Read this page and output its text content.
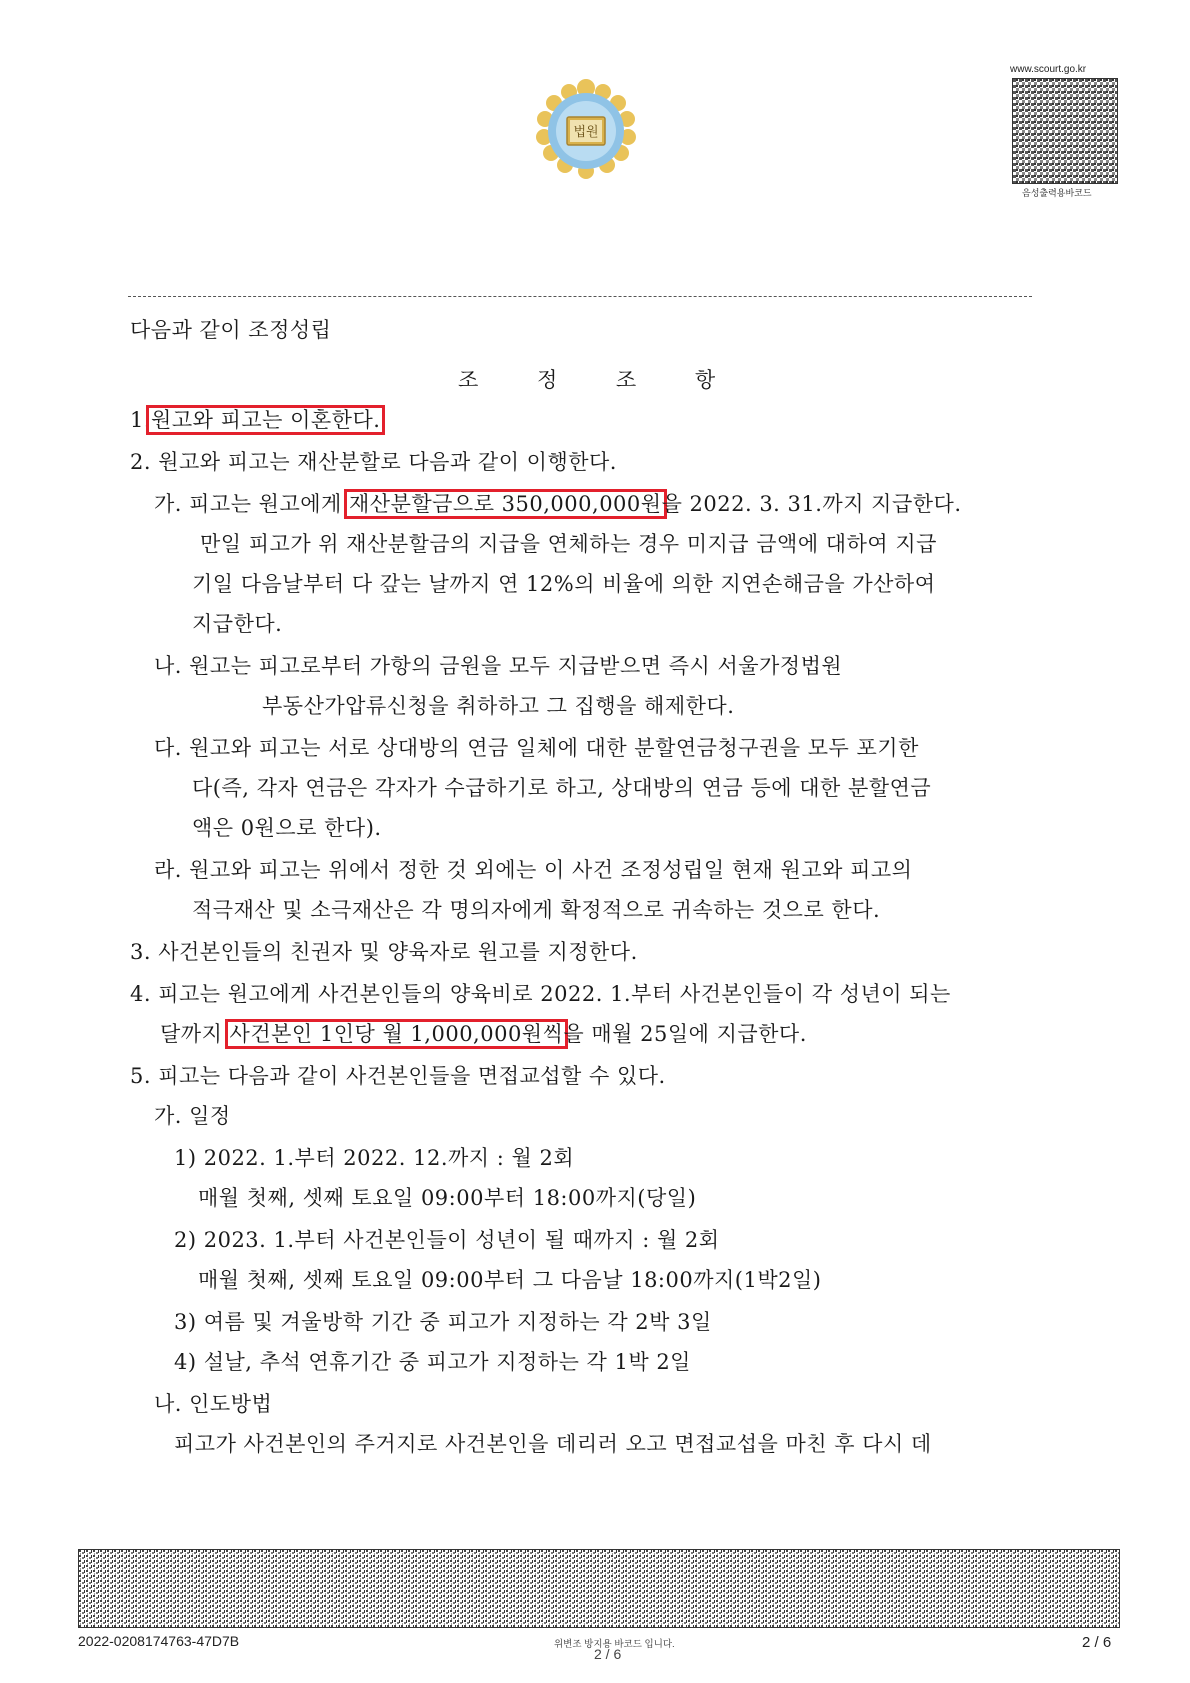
법원
www.scourt.go.kr
음성출력용바코드
다음과 같이 조정성립
조 정 조 항
1.원고와 피고는 이혼한다.
2. 원고와 피고는 재산분할로 다음과 같이 이행한다.
가. 피고는 원고에게 재산분할금으로 350,000,000원을 2022. 3. 31.까지 지급한다.
만일 피고가 위 재산분할금의 지급을 연체하는 경우 미지급 금액에 대하여 지급
기일 다음날부터 다 갚는 날까지 연 12%의 비율에 의한 지연손해금을 가산하여
지급한다.
나. 원고는 피고로부터 가항의 금원을 모두 지급받으면 즉시 서울가정법원
부동산가압류신청을 취하하고 그 집행을 해제한다.
다. 원고와 피고는 서로 상대방의 연금 일체에 대한 분할연금청구권을 모두 포기한
다(즉, 각자 연금은 각자가 수급하기로 하고, 상대방의 연금 등에 대한 분할연금
액은 0원으로 한다).
라. 원고와 피고는 위에서 정한 것 외에는 이 사건 조정성립일 현재 원고와 피고의
적극재산 및 소극재산은 각 명의자에게 확정적으로 귀속하는 것으로 한다.
3. 사건본인들의 친권자 및 양육자로 원고를 지정한다.
4. 피고는 원고에게 사건본인들의 양육비로 2022. 1.부터 사건본인들이 각 성년이 되는
달까지 사건본인 1인당 월 1,000,000원씩을 매월 25일에 지급한다.
5. 피고는 다음과 같이 사건본인들을 면접교섭할 수 있다.
가. 일정
1) 2022. 1.부터 2022. 12.까지 : 월 2회
매월 첫째, 셋째 토요일 09:00부터 18:00까지(당일)
2) 2023. 1.부터 사건본인들이 성년이 될 때까지 : 월 2회
매월 첫째, 셋째 토요일 09:00부터 그 다음날 18:00까지(1박2일)
3) 여름 및 겨울방학 기간 중 피고가 지정하는 각 2박 3일
4) 설날, 추석 연휴기간 중 피고가 지정하는 각 1박 2일
나. 인도방법
피고가 사건본인의 주거지로 사건본인을 데리러 오고 면접교섭을 마친 후 다시 데
2022-0208174763-47D7B	위변조 방지용 바코드 입니다.
2 / 6
2 / 6
